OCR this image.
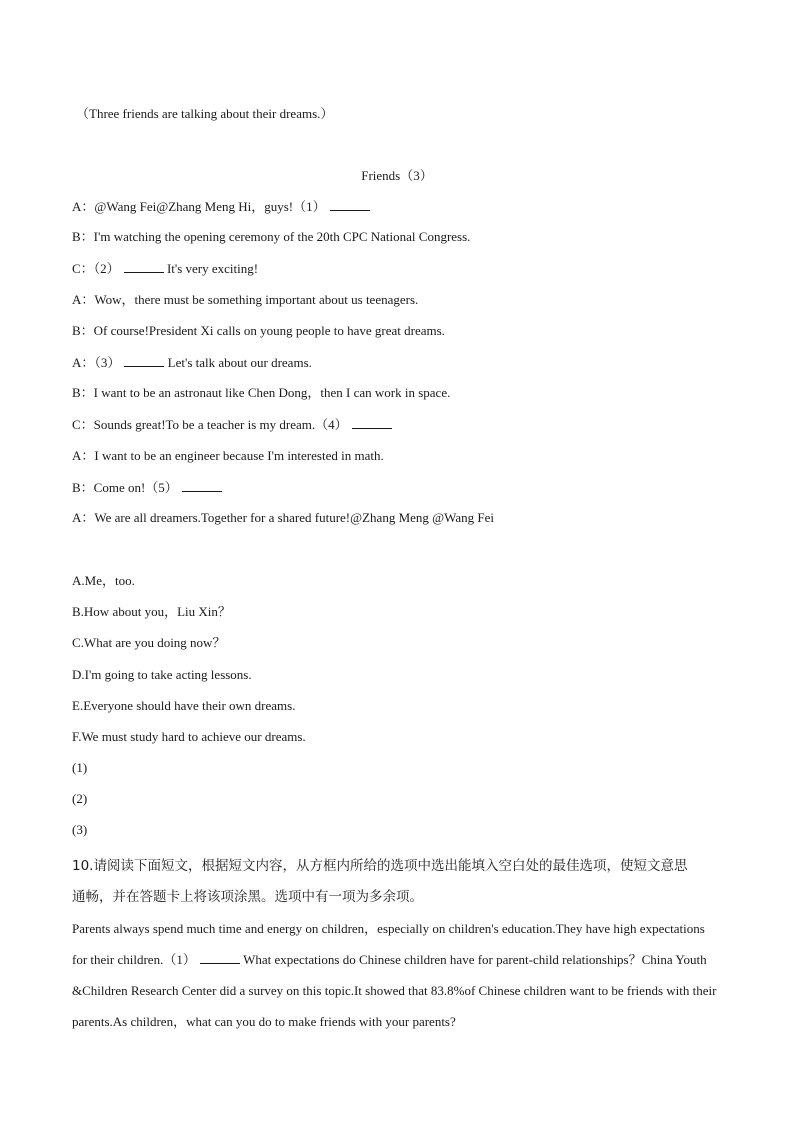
（Three friends are talking about their dreams.）
Friends（3）
A：@Wang Fei@Zhang Meng Hi，guys!（1）
B：I'm watching the opening ceremony of the 20th CPC National Congress.
C：（2）	It's very exciting!
A：Wow，there must be something important about us teenagers.
B：Of course!President Xi calls on young people to have great dreams.
A：（3）	Let's talk about our dreams.
B：I want to be an astronaut like Chen Dong，then I can work in space.
C：Sounds great!To be a teacher is my dream.（4）
A：I want to be an engineer because I'm interested in math.
B：Come on!（5）
A：We are all dreamers.Together for a shared future!@Zhang Meng @Wang Fei
A.Me，too.
B.How about you，Liu Xin？
C.What are you doing now？
D.I'm going to take acting lessons.
E.Everyone should have their own dreams.
F.We must study hard to achieve our dreams.
(1)
(2)
(3)
10.请阅读下面短文，根据短文内容，从方框内所给的选项中选出能填入空白处的最佳选项，使短文意思
通畅，并在答题卡上将该项涂黑。选项中有一项为多余项。
Parents always spend much time and energy on children，especially on children's education.They have high expectations for their children.（1）	What expectations do Chinese children have for parent-child relationships？China Youth &Children Research Center did a survey on this topic.It showed that 83.8%of Chinese children want to be friends with their parents.As children，what can you do to make friends with your parents?
